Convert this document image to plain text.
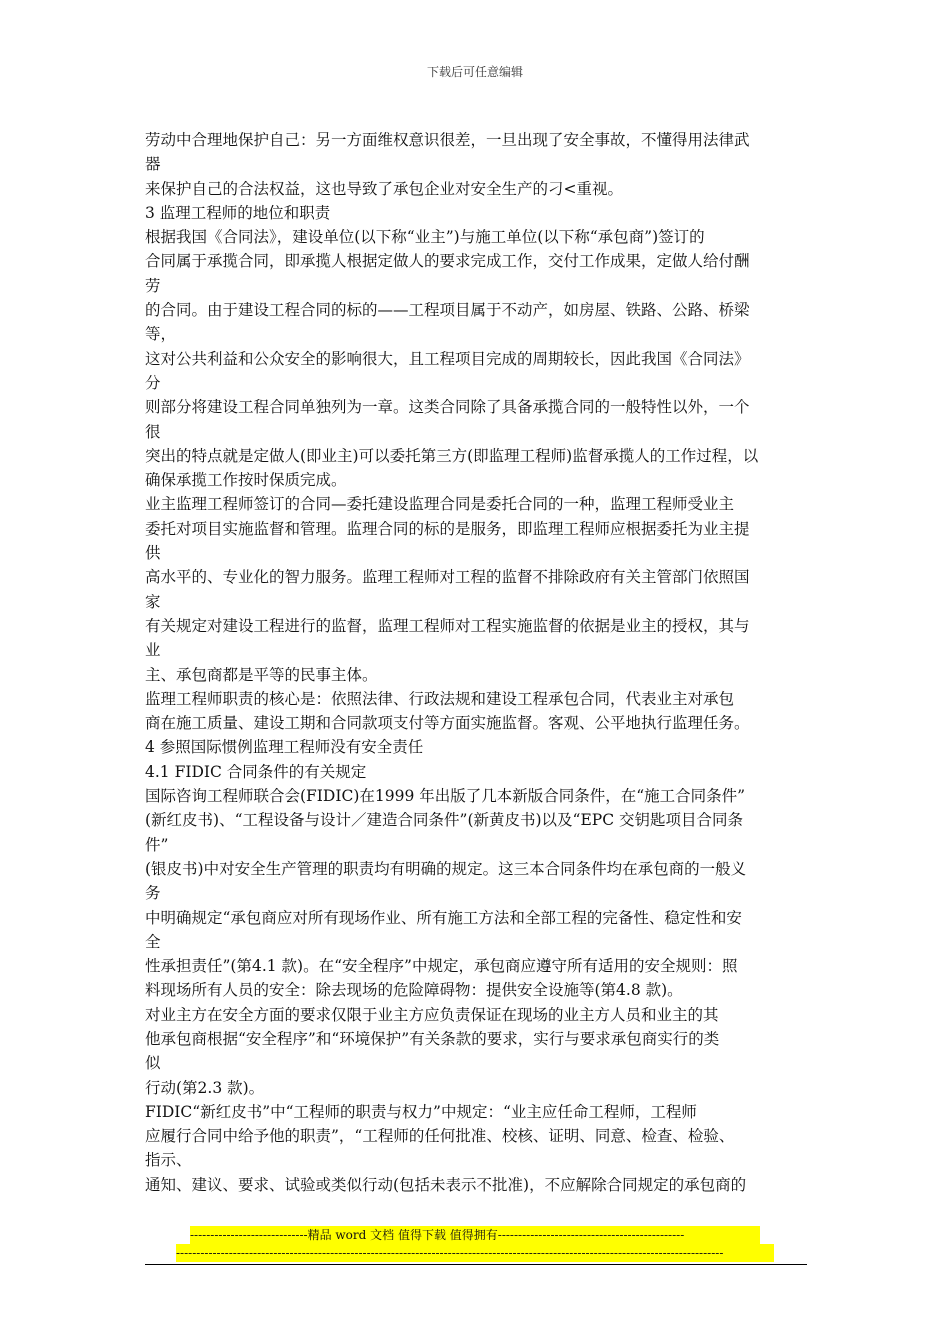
下载后可任意编辑
劳动中合理地保护自己：另一方面维权意识很差，一旦出现了安全事故，不懂得用法律武
器
来保护自己的合法权益，这也导致了承包企业对安全生产的刁<重视。
3 监理工程师的地位和职责
根据我国《合同法》，建设单位(以下称“业主”)与施工单位(以下称“承包商”)签订的
合同属于承揽合同，即承揽人根据定做人的要求完成工作，交付工作成果，定做人给付酬
劳
的合同。由于建设工程合同的标的——工程项目属于不动产，如房屋、铁路、公路、桥梁
等，
这对公共利益和公众安全的影响很大，且工程项目完成的周期较长，因此我国《合同法》
分
则部分将建设工程合同单独列为一章。这类合同除了具备承揽合同的一般特性以外，一个
很
突出的特点就是定做人(即业主)可以委托第三方(即监理工程师)监督承揽人的工作过程，以
确保承揽工作按时保质完成。
业主监理工程师签订的合同—委托建设监理合同是委托合同的一种，监理工程师受业主
委托对项目实施监督和管理。监理合同的标的是服务，即监理工程师应根据委托为业主提
供
高水平的、专业化的智力服务。监理工程师对工程的监督不排除政府有关主管部门依照国
家
有关规定对建设工程进行的监督，监理工程师对工程实施监督的依据是业主的授权，其与
业
主、承包商都是平等的民事主体。
监理工程师职责的核心是：依照法律、行政法规和建设工程承包合同，代表业主对承包
商在施工质量、建设工期和合同款项支付等方面实施监督。客观、公平地执行监理任务。
4 参照国际惯例监理工程师没有安全责任
4.1 FIDIC 合同条件的有关规定
国际咨询工程师联合会(FIDIC)在1999 年出版了几本新版合同条件，在“施工合同条件”
(新红皮书)、“工程设备与设计／建造合同条件”(新黄皮书)以及“EPC 交钥匙项目合同条
件”
(银皮书)中对安全生产管理的职责均有明确的规定。这三本合同条件均在承包商的一般义
务
中明确规定“承包商应对所有现场作业、所有施工方法和全部工程的完备性、稳定性和安
全
性承担责任”(第4.1 款)。在“安全程序”中规定，承包商应遵守所有适用的安全规则：照
料现场所有人员的安全：除去现场的危险障碍物：提供安全设施等(第4.8 款)。
对业主方在安全方面的要求仅限于业主方应负责保证在现场的业主方人员和业主的其
他承包商根据“安全程序”和“环境保护”有关条款的要求，实行与要求承包商实行的类
似
行动(第2.3 款)。
FIDIC“新红皮书”中“工程师的职责与权力”中规定：“业主应任命工程师，工程师
应履行合同中给予他的职责”，“工程师的任何批准、校核、证明、同意、检查、检验、
指示、
通知、建议、要求、试验或类似行动(包括未表示不批准)，不应解除合同规定的承包商的
-----------------------------精品 word 文档 值得下载 值得拥有----------------------------------------------
---------------------------------------------------------------------------------------------------------------------------------------
